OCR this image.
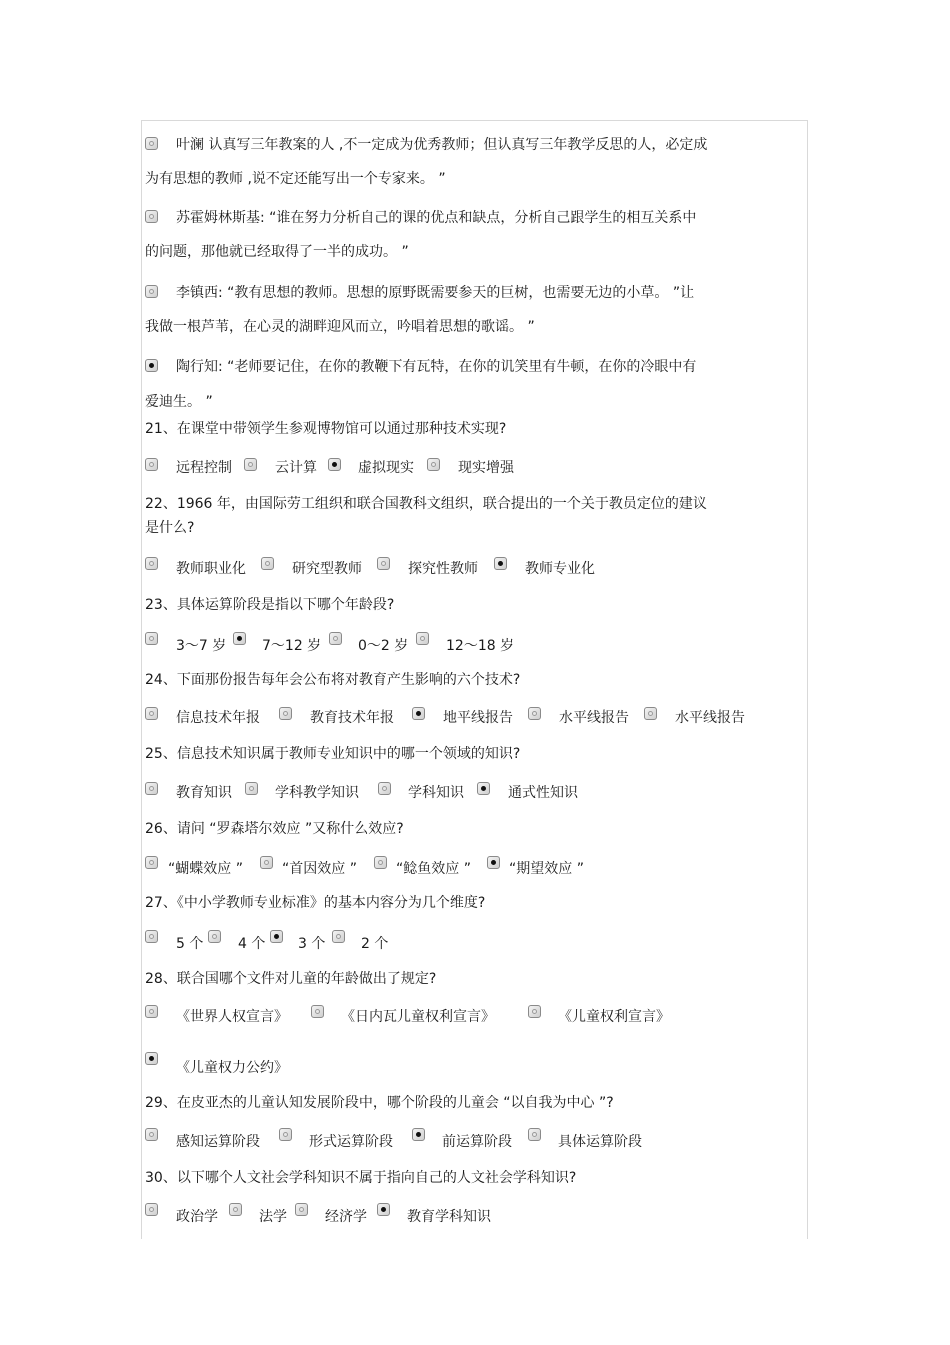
叶澜 认真写三年教案的人 ,不一定成为优秀教师；但认真写三年教学反思的人，必定成
为有思想的教师 ,说不定还能写出一个专家来。 ”
苏霍姆林斯基: “谁在努力分析自己的课的优点和缺点，分析自己跟学生的相互关系中
的问题，那他就已经取得了一半的成功。 ”
李镇西: “教有思想的教师。思想的原野既需要参天的巨树，也需要无边的小草。 ”让
我做一根芦苇，在心灵的湖畔迎风而立，吟唱着思想的歌谣。 ”
陶行知: “老师要记住，在你的教鞭下有瓦特，在你的讥笑里有牛顿，在你的冷眼中有
爱迪生。 ”
21、在课堂中带领学生参观博物馆可以通过那种技术实现?
远程控制	云计算	虚拟现实	现实增强
22、1966 年，由国际劳工组织和联合国教科文组织，联合提出的一个关于教员定位的建议
是什么?
教师职业化	研究型教师	探究性教师	教师专业化
23、具体运算阶段是指以下哪个年龄段?
3～7 岁	7～12 岁	0～2 岁	12～18 岁
24、下面那份报告每年会公布将对教育产生影响的六个技术?
信息技术年报	教育技术年报	地平线报告	水平线报告	水平线报告
25、信息技术知识属于教师专业知识中的哪一个领域的知识?
教育知识	学科教学知识	学科知识	通式性知识
26、请问 “罗森塔尔效应 ”又称什么效应?
“蝴蝶效应 ”	“首因效应 ”	“鲶鱼效应 ”	“期望效应 ”
27、《中小学教师专业标准》的基本内容分为几个维度?
5 个 4 个 3 个	2 个
28、联合国哪个文件对儿童的年龄做出了规定?
《世界人权宣言》	《日内瓦儿童权利宣言》	《儿童权利宣言》
《儿童权力公约》
29、在皮亚杰的儿童认知发展阶段中，哪个阶段的儿童会 “以自我为中心 ”?
感知运算阶段	形式运算阶段	前运算阶段	具体运算阶段
30、以下哪个人文社会学科知识不属于指向自己的人文社会学科知识?
政治学	法学	经济学	教育学科知识
